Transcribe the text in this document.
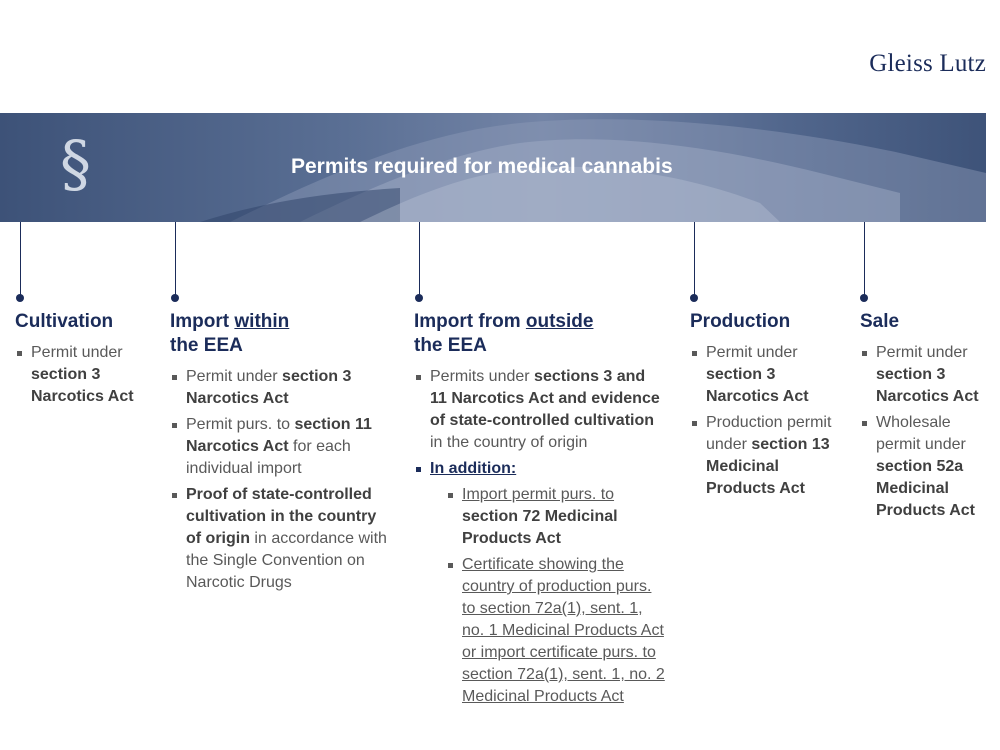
Gleiss Lutz
§	Permits required for medical cannabis
Cultivation
Permit under section 3 Narcotics Act
Import within
the EEA
Permit under section 3 Narcotics Act
Permit purs. to section 11 Narcotics Act for each individual import
Proof of state-controlled cultivation in the country of origin in accordance with the Single Convention on Narcotic Drugs
Import from outside
the EEA
Permits under sections 3 and 11 Narcotics Act and evidence of state-controlled cultivation in the country of origin
In addition:
Import permit purs. to section 72 Medicinal Products Act
Certificate showing the country of production purs. to section 72a(1), sent. 1, no. 1 Medicinal Products Act or import certificate purs. to section 72a(1), sent. 1, no. 2 Medicinal Products Act
Production
Permit under section 3 Narcotics Act
Production permit under section 13 Medicinal Products Act
Sale
Permit under section 3 Narcotics Act
Wholesale permit under section 52a Medicinal Products Act
